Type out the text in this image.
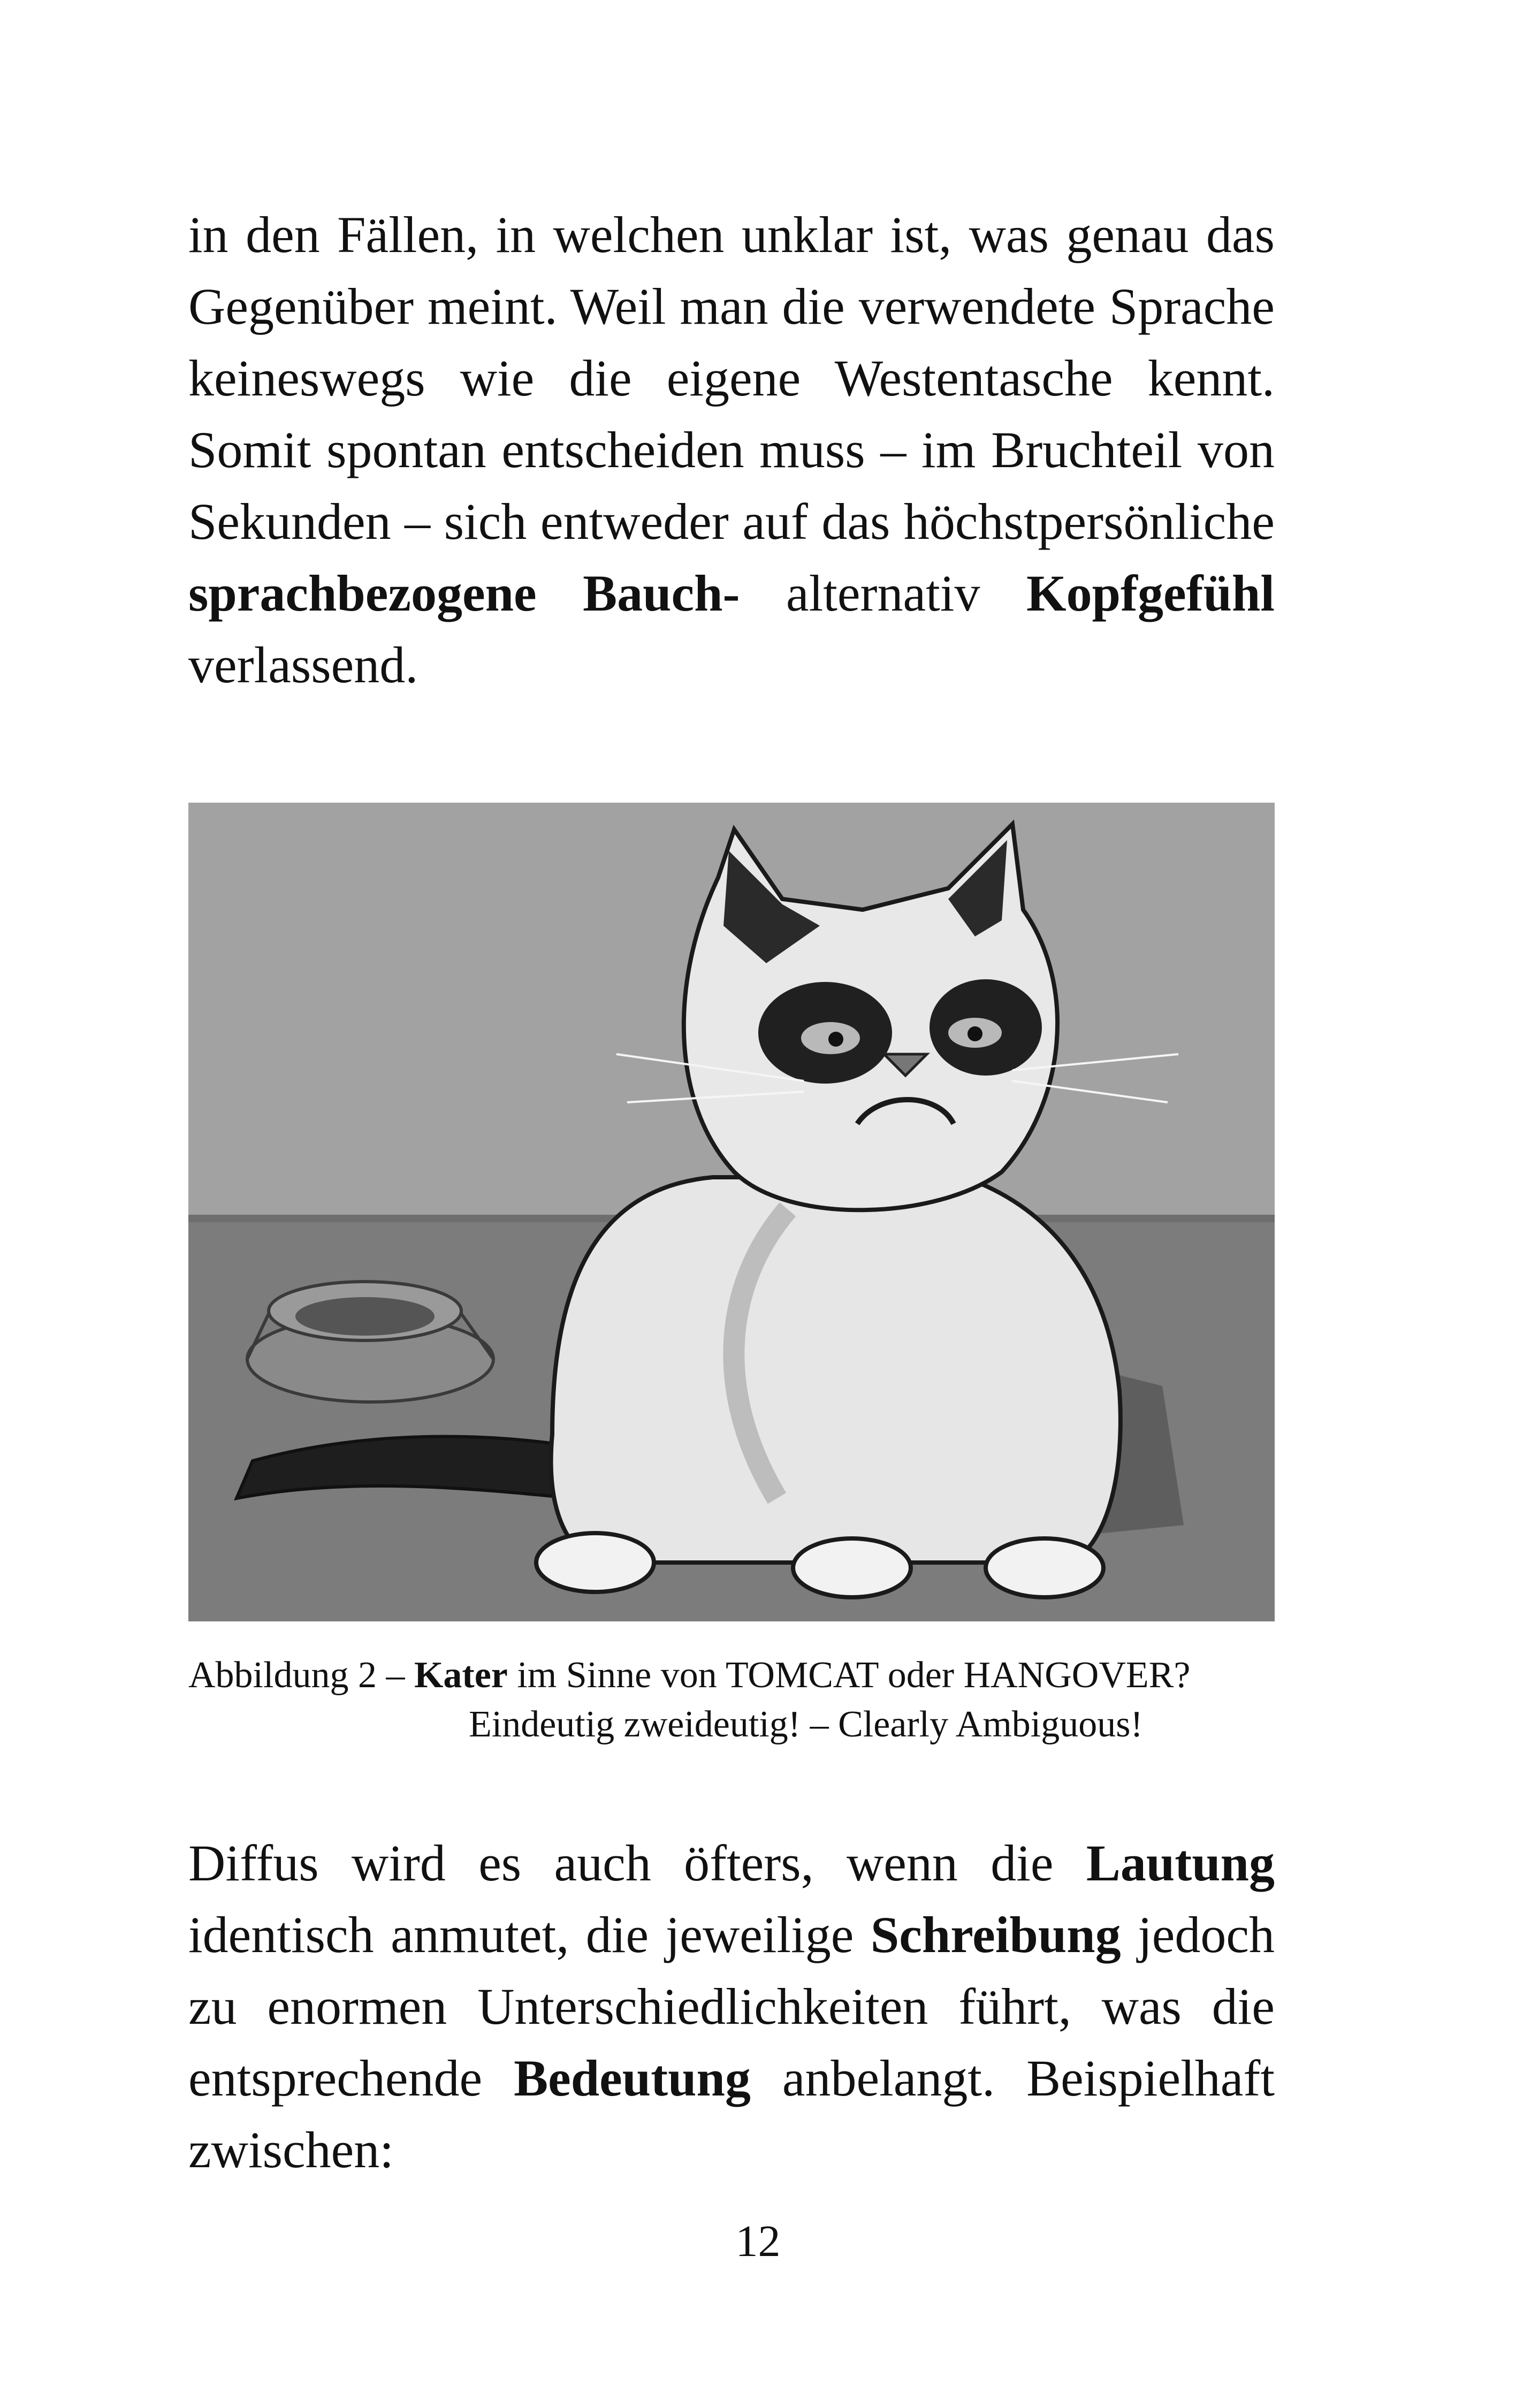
in den Fällen, in welchen unklar ist, was genau das Gegenüber meint. Weil man die verwendete Sprache keineswegs wie die eigene Westentasche kennt. Somit spontan entscheiden muss – im Bruchteil von Sekunden – sich entweder auf das höchstpersönliche sprachbezogene Bauch- alternativ Kopfgefühl verlassend.

Abbildung 2 – Kater im Sinne von TOMCAT oder HANGOVER?
Eindeutig zweideutig! – Clearly Ambiguous!

Diffus wird es auch öfters, wenn die Lautung identisch anmutet, die jeweilige Schreibung jedoch zu enormen Unterschiedlichkeiten führt, was die entsprechende Bedeutung anbelangt. Beispielhaft zwischen:

12
